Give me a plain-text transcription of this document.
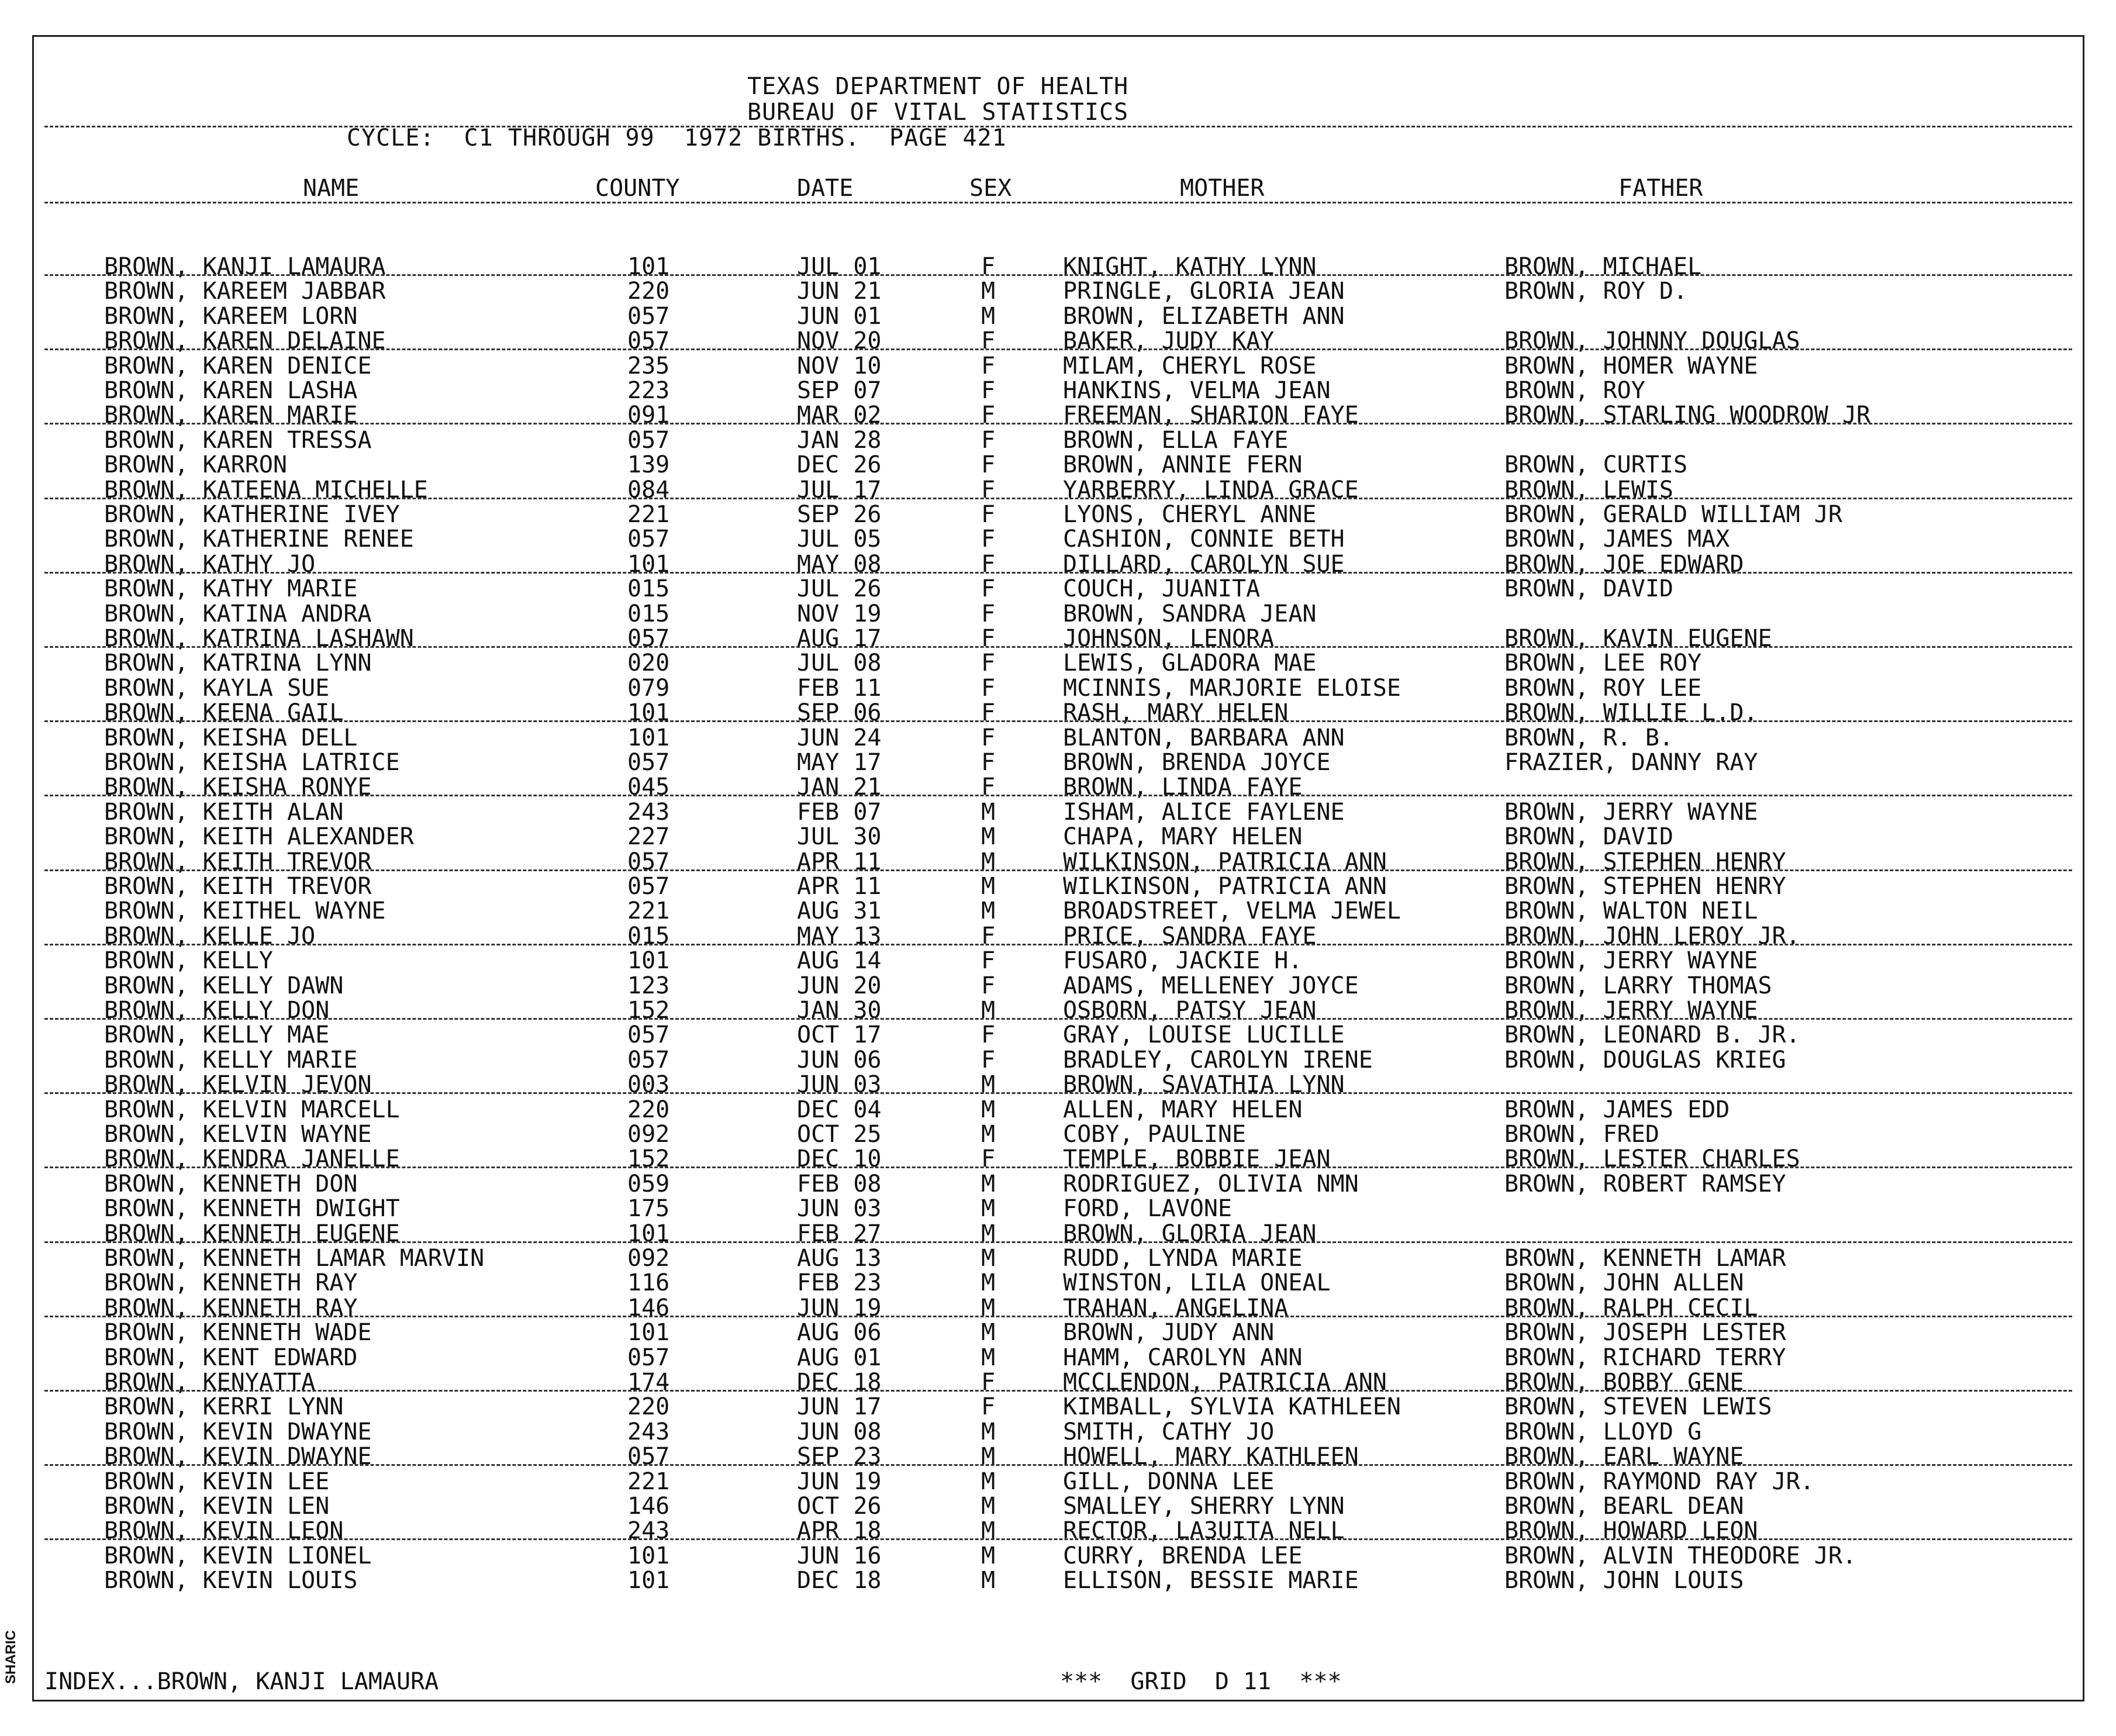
TEXAS DEPARTMENT OF HEALTH
BUREAU OF VITAL STATISTICS
CYCLE:  C1 THROUGH 99  1972 BIRTHS.  PAGE 421
NAME	COUNTY	DATE	SEX	MOTHER	FATHER
BROWN, KANJI LAMAURA	101	JUL 01	F	KNIGHT, KATHY LYNN	BROWN, MICHAEL
BROWN, KAREEM JABBAR	220	JUN 21	M	PRINGLE, GLORIA JEAN	BROWN, ROY D.
BROWN, KAREEM LORN	057	JUN 01	M	BROWN, ELIZABETH ANN
BROWN, KAREN DELAINE	057	NOV 20	F	BAKER, JUDY KAY	BROWN, JOHNNY DOUGLAS
BROWN, KAREN DENICE	235	NOV 10	F	MILAM, CHERYL ROSE	BROWN, HOMER WAYNE
BROWN, KAREN LASHA	223	SEP 07	F	HANKINS, VELMA JEAN	BROWN, ROY
BROWN, KAREN MARIE	091	MAR 02	F	FREEMAN, SHARION FAYE	BROWN, STARLING WOODROW JR
BROWN, KAREN TRESSA	057	JAN 28	F	BROWN, ELLA FAYE
BROWN, KARRON	139	DEC 26	F	BROWN, ANNIE FERN	BROWN, CURTIS
BROWN, KATEENA MICHELLE	084	JUL 17	F	YARBERRY, LINDA GRACE	BROWN, LEWIS
BROWN, KATHERINE IVEY	221	SEP 26	F	LYONS, CHERYL ANNE	BROWN, GERALD WILLIAM JR
BROWN, KATHERINE RENEE	057	JUL 05	F	CASHION, CONNIE BETH	BROWN, JAMES MAX
BROWN, KATHY JO	101	MAY 08	F	DILLARD, CAROLYN SUE	BROWN, JOE EDWARD
BROWN, KATHY MARIE	015	JUL 26	F	COUCH, JUANITA	BROWN, DAVID
BROWN, KATINA ANDRA	015	NOV 19	F	BROWN, SANDRA JEAN
BROWN, KATRINA LASHAWN	057	AUG 17	F	JOHNSON, LENORA	BROWN, KAVIN EUGENE
BROWN, KATRINA LYNN	020	JUL 08	F	LEWIS, GLADORA MAE	BROWN, LEE ROY
BROWN, KAYLA SUE	079	FEB 11	F	MCINNIS, MARJORIE ELOISE	BROWN, ROY LEE
BROWN, KEENA GAIL	101	SEP 06	F	RASH, MARY HELEN	BROWN, WILLIE L.D.
BROWN, KEISHA DELL	101	JUN 24	F	BLANTON, BARBARA ANN	BROWN, R. B.
BROWN, KEISHA LATRICE	057	MAY 17	F	BROWN, BRENDA JOYCE	FRAZIER, DANNY RAY
BROWN, KEISHA RONYE	045	JAN 21	F	BROWN, LINDA FAYE
BROWN, KEITH ALAN	243	FEB 07	M	ISHAM, ALICE FAYLENE	BROWN, JERRY WAYNE
BROWN, KEITH ALEXANDER	227	JUL 30	M	CHAPA, MARY HELEN	BROWN, DAVID
BROWN, KEITH TREVOR	057	APR 11	M	WILKINSON, PATRICIA ANN	BROWN, STEPHEN HENRY
BROWN, KEITH TREVOR	057	APR 11	M	WILKINSON, PATRICIA ANN	BROWN, STEPHEN HENRY
BROWN, KEITHEL WAYNE	221	AUG 31	M	BROADSTREET, VELMA JEWEL	BROWN, WALTON NEIL
BROWN, KELLE JO	015	MAY 13	F	PRICE, SANDRA FAYE	BROWN, JOHN LEROY JR.
BROWN, KELLY	101	AUG 14	F	FUSARO, JACKIE H.	BROWN, JERRY WAYNE
BROWN, KELLY DAWN	123	JUN 20	F	ADAMS, MELLENEY JOYCE	BROWN, LARRY THOMAS
BROWN, KELLY DON	152	JAN 30	M	OSBORN, PATSY JEAN	BROWN, JERRY WAYNE
BROWN, KELLY MAE	057	OCT 17	F	GRAY, LOUISE LUCILLE	BROWN, LEONARD B. JR.
BROWN, KELLY MARIE	057	JUN 06	F	BRADLEY, CAROLYN IRENE	BROWN, DOUGLAS KRIEG
BROWN, KELVIN JEVON	003	JUN 03	M	BROWN, SAVATHIA LYNN
BROWN, KELVIN MARCELL	220	DEC 04	M	ALLEN, MARY HELEN	BROWN, JAMES EDD
BROWN, KELVIN WAYNE	092	OCT 25	M	COBY, PAULINE	BROWN, FRED
BROWN, KENDRA JANELLE	152	DEC 10	F	TEMPLE, BOBBIE JEAN	BROWN, LESTER CHARLES
BROWN, KENNETH DON	059	FEB 08	M	RODRIGUEZ, OLIVIA NMN	BROWN, ROBERT RAMSEY
BROWN, KENNETH DWIGHT	175	JUN 03	M	FORD, LAVONE
BROWN, KENNETH EUGENE	101	FEB 27	M	BROWN, GLORIA JEAN
BROWN, KENNETH LAMAR MARVIN	092	AUG 13	M	RUDD, LYNDA MARIE	BROWN, KENNETH LAMAR
BROWN, KENNETH RAY	116	FEB 23	M	WINSTON, LILA ONEAL	BROWN, JOHN ALLEN
BROWN, KENNETH RAY	146	JUN 19	M	TRAHAN, ANGELINA	BROWN, RALPH CECIL
BROWN, KENNETH WADE	101	AUG 06	M	BROWN, JUDY ANN	BROWN, JOSEPH LESTER
BROWN, KENT EDWARD	057	AUG 01	M	HAMM, CAROLYN ANN	BROWN, RICHARD TERRY
BROWN, KENYATTA	174	DEC 18	F	MCCLENDON, PATRICIA ANN	BROWN, BOBBY GENE
BROWN, KERRI LYNN	220	JUN 17	F	KIMBALL, SYLVIA KATHLEEN	BROWN, STEVEN LEWIS
BROWN, KEVIN DWAYNE	243	JUN 08	M	SMITH, CATHY JO	BROWN, LLOYD G
BROWN, KEVIN DWAYNE	057	SEP 23	M	HOWELL, MARY KATHLEEN	BROWN, EARL WAYNE
BROWN, KEVIN LEE	221	JUN 19	M	GILL, DONNA LEE	BROWN, RAYMOND RAY JR.
BROWN, KEVIN LEN	146	OCT 26	M	SMALLEY, SHERRY LYNN	BROWN, BEARL DEAN
BROWN, KEVIN LEON	243	APR 18	M	RECTOR, LA3UITA NELL	BROWN, HOWARD LEON
BROWN, KEVIN LIONEL	101	JUN 16	M	CURRY, BRENDA LEE	BROWN, ALVIN THEODORE JR.
BROWN, KEVIN LOUIS	101	DEC 18	M	ELLISON, BESSIE MARIE	BROWN, JOHN LOUIS
INDEX...BROWN, KANJI LAMAURA	***  GRID  D 11  ***
SHARIC
